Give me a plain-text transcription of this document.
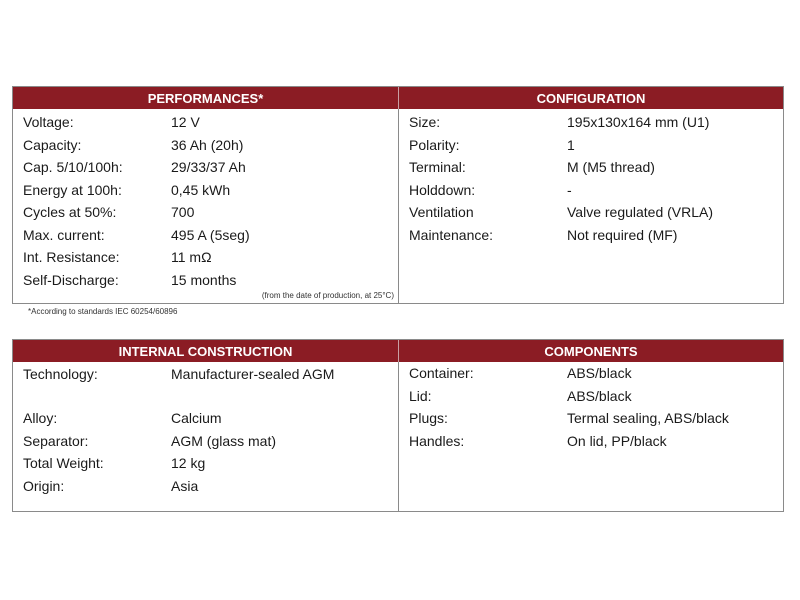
PERFORMANCES*	CONFIGURATION
Voltage:	12 V
Capacity:	36 Ah (20h)
Cap. 5/10/100h:	29/33/37 Ah
Energy at 100h:	0,45 kWh
Cycles at 50%:	700
Max. current:	495 A (5seg)
Int. Resistance:	11 mΩ
Self-Discharge:	15 months
(from the date of production, at 25°C)
Size:	195x130x164 mm (U1)
Polarity:	1
Terminal:	M (M5 thread)
Holddown:	-
Ventilation	Valve regulated (VRLA)
Maintenance:	Not required (MF)
*According to standards IEC 60254/60896
INTERNAL CONSTRUCTION	COMPONENTS
Technology:	Manufacturer-sealed AGM
Alloy:	Calcium
Separator:	AGM (glass mat)
Total Weight:	12 kg
Origin:	Asia
Container:	ABS/black
Lid:	ABS/black
Plugs:	Termal sealing, ABS/black
Handles:	On lid, PP/black
